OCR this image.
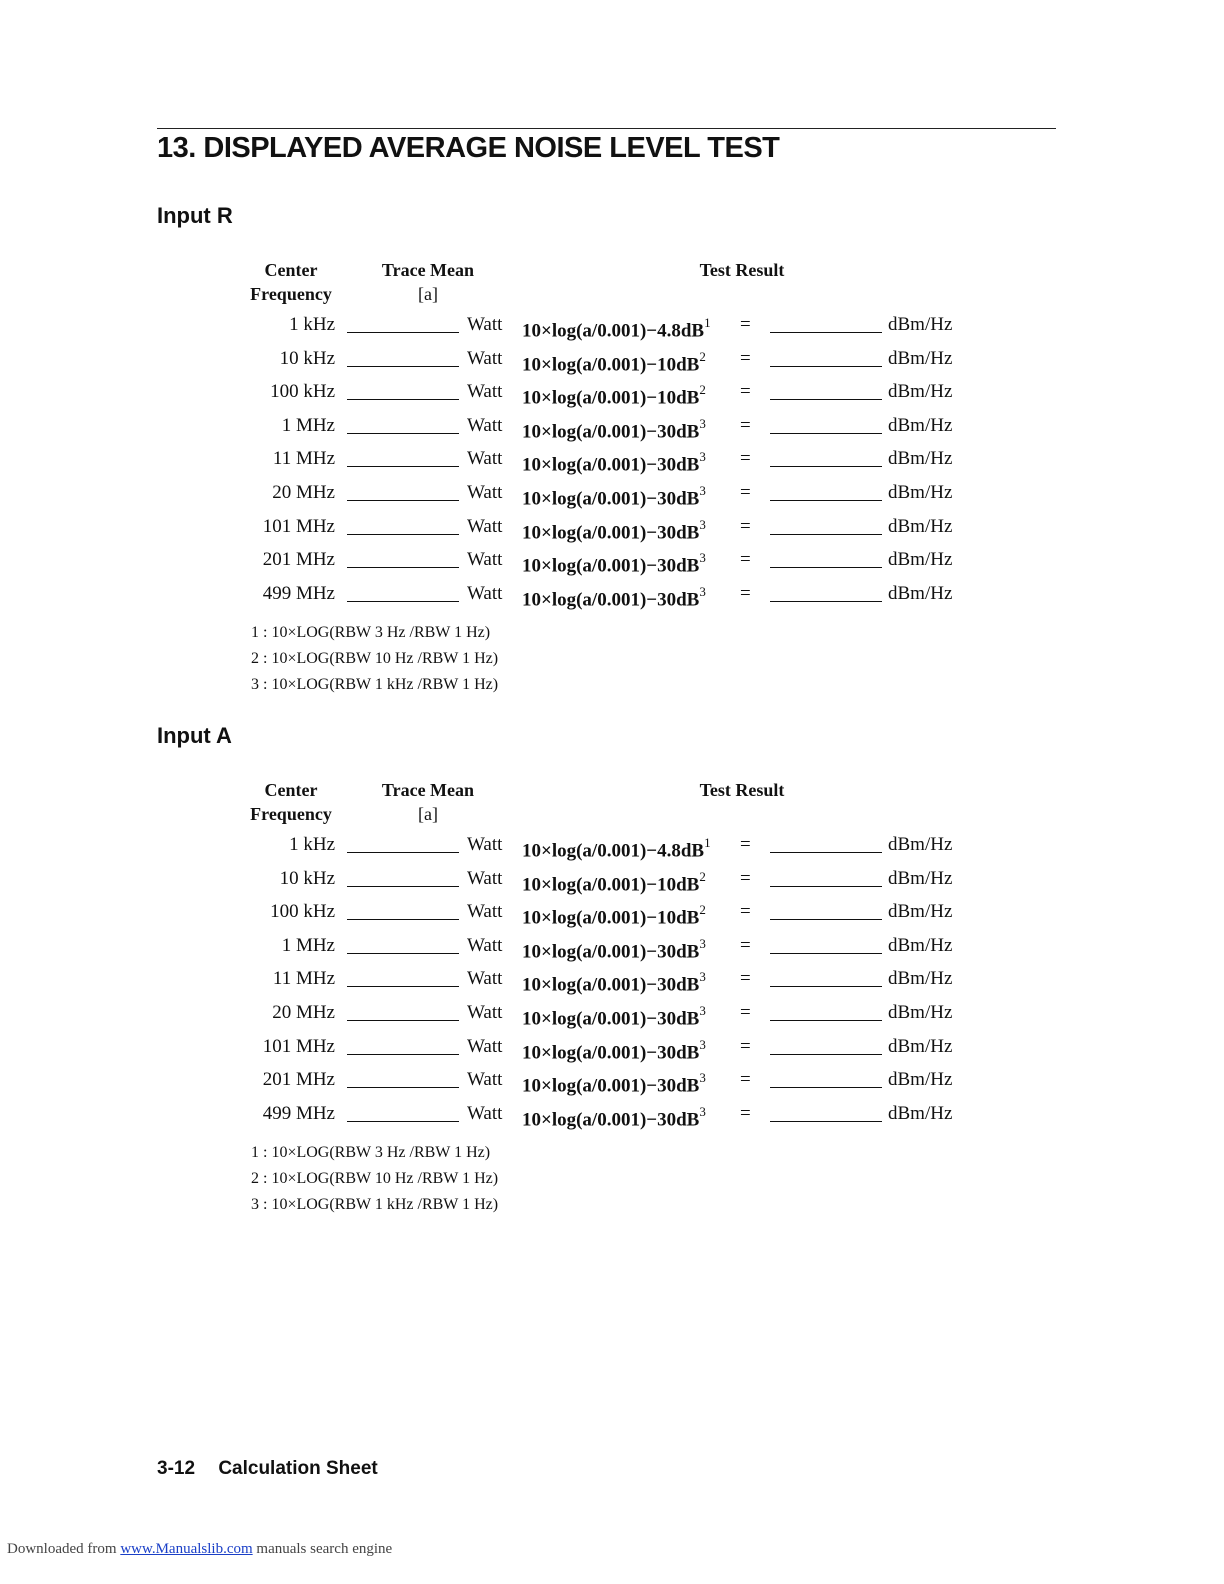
13. DISPLAYED AVERAGE NOISE LEVEL TEST
Input R
Center
Frequency
Trace Mean
[a]
Test Result
1 kHz	Watt $10\times\log(a/0.001)-4.8dB^1$ =	dBm/Hz
10 kHz	Watt $10\times\log(a/0.001)-10dB^2$ =	dBm/Hz
100 kHz	Watt $10\times\log(a/0.001)-10dB^2$ =	dBm/Hz
1 MHz	Watt $10\times\log(a/0.001)-30dB^3$ =	dBm/Hz
11 MHz	Watt $10\times\log(a/0.001)-30dB^3$ =	dBm/Hz
20 MHz	Watt $10\times\log(a/0.001)-30dB^3$ =	dBm/Hz
101 MHz	Watt $10\times\log(a/0.001)-30dB^3$ =	dBm/Hz
201 MHz	Watt $10\times\log(a/0.001)-30dB^3$ =	dBm/Hz
499 MHz	Watt $10\times\log(a/0.001)-30dB^3$ =	dBm/Hz
1 : 10×LOG(RBW 3 Hz /RBW 1 Hz)
2 : 10×LOG(RBW 10 Hz /RBW 1 Hz)
3 : 10×LOG(RBW 1 kHz /RBW 1 Hz)
Input A
Center
Frequency
Trace Mean
[a]
Test Result
1 kHz	Watt $10\times\log(a/0.001)-4.8dB^1$ =	dBm/Hz
10 kHz	Watt $10\times\log(a/0.001)-10dB^2$ =	dBm/Hz
100 kHz	Watt $10\times\log(a/0.001)-10dB^2$ =	dBm/Hz
1 MHz	Watt $10\times\log(a/0.001)-30dB^3$ =	dBm/Hz
11 MHz	Watt $10\times\log(a/0.001)-30dB^3$ =	dBm/Hz
20 MHz	Watt $10\times\log(a/0.001)-30dB^3$ =	dBm/Hz
101 MHz	Watt $10\times\log(a/0.001)-30dB^3$ =	dBm/Hz
201 MHz	Watt $10\times\log(a/0.001)-30dB^3$ =	dBm/Hz
499 MHz	Watt $10\times\log(a/0.001)-30dB^3$ =	dBm/Hz
1 : 10×LOG(RBW 3 Hz /RBW 1 Hz)
2 : 10×LOG(RBW 10 Hz /RBW 1 Hz)
3 : 10×LOG(RBW 1 kHz /RBW 1 Hz)
3-12 Calculation Sheet
Downloaded from www.Manualslib.com manuals search engine
